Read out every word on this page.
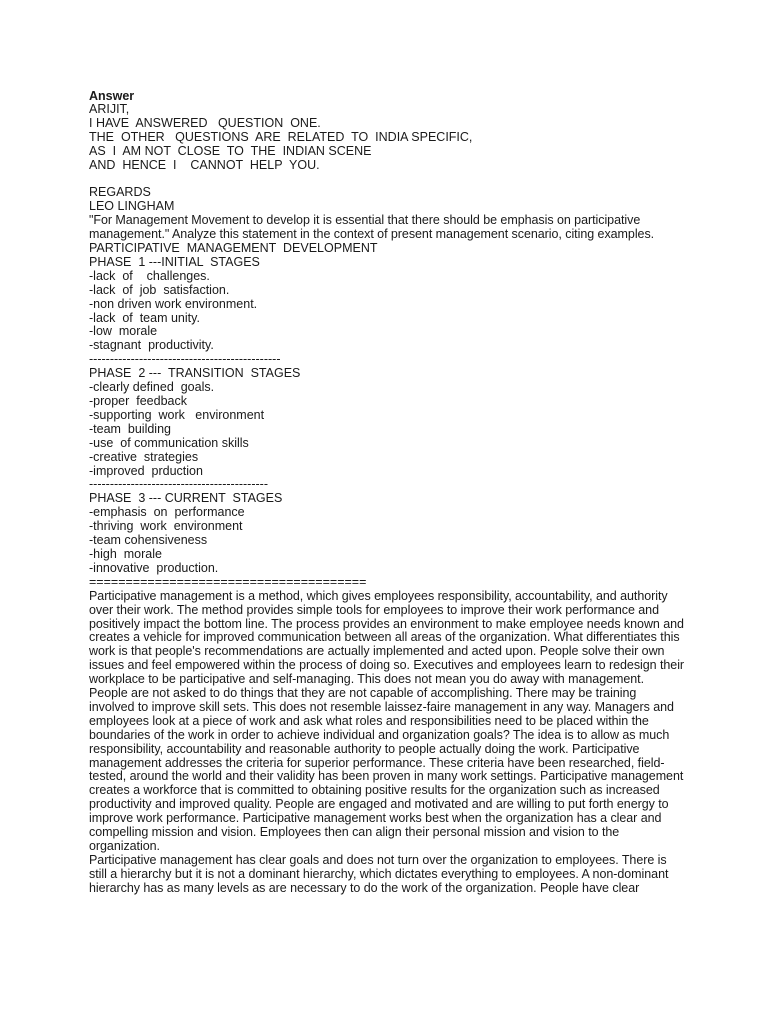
Answer

ARIJIT,

I HAVE  ANSWERED   QUESTION  ONE.

THE  OTHER   QUESTIONS  ARE  RELATED  TO  INDIA SPECIFIC,

AS  I  AM NOT  CLOSE  TO  THE  INDIAN SCENE

AND  HENCE  I    CANNOT  HELP  YOU.

REGARDS

LEO LINGHAM

"For Management Movement to develop it is essential that there should be emphasis on participative management." Analyze this statement in the context of present management scenario, citing examples.

PARTICIPATIVE  MANAGEMENT  DEVELOPMENT

PHASE  1 ---INITIAL  STAGES

-lack  of    challenges.

-lack  of  job  satisfaction.

-non driven work environment.

-lack  of  team unity.

-low  morale

-stagnant  productivity.

----------------------------------------------

PHASE  2 ---  TRANSITION  STAGES

-clearly defined  goals.

-proper  feedback

-supporting  work   environment

-team  building

-use  of communication skills

-creative  strategies

-improved  prduction

-------------------------------------------

PHASE  3 --- CURRENT  STAGES

-emphasis  on  performance

-thriving  work  environment

-team cohensiveness

-high  morale

-innovative  production.

======================================

Participative management is a method, which gives employees responsibility, accountability, and authority over their work. The method provides simple tools for employees to improve their work performance and positively impact the bottom line. The process provides an environment to make employee needs known and creates a vehicle for improved communication between all areas of the organization. What differentiates this work is that people's recommendations are actually implemented and acted upon. People solve their own issues and feel empowered within the process of doing so. Executives and employees learn to redesign their workplace to be participative and self-managing. This does not mean you do away with management. People are not asked to do things that they are not capable of accomplishing. There may be training involved to improve skill sets. This does not resemble laissez-faire management in any way. Managers and employees look at a piece of work and ask what roles and responsibilities need to be placed within the boundaries of the work in order to achieve individual and organization goals? The idea is to allow as much responsibility, accountability and reasonable authority to people actually doing the work. Participative management addresses the criteria for superior performance. These criteria have been researched, field-tested, around the world and their validity has been proven in many work settings. Participative management creates a workforce that is committed to obtaining positive results for the organization such as increased productivity and improved quality. People are engaged and motivated and are willing to put forth energy to improve work performance. Participative management works best when the organization has a clear and compelling mission and vision. Employees then can align their personal mission and vision to the organization.

Participative management has clear goals and does not turn over the organization to employees. There is still a hierarchy but it is not a dominant hierarchy, which dictates everything to employees. A non-dominant hierarchy has as many levels as are necessary to do the work of the organization. People have clear
